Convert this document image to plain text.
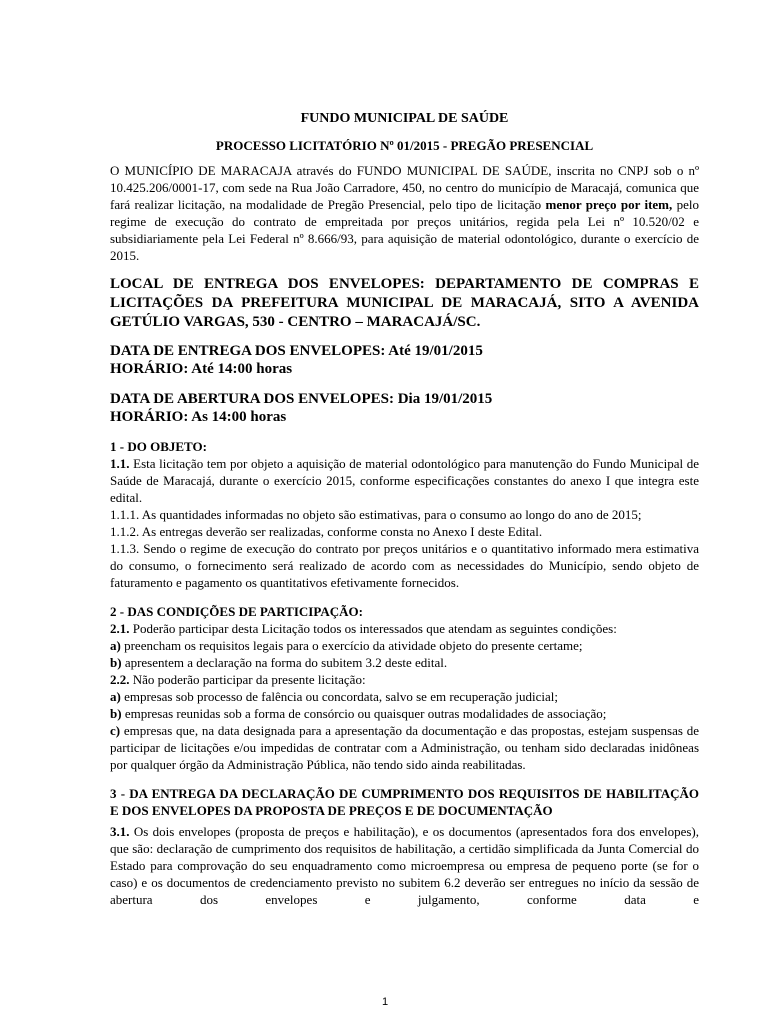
FUNDO MUNICIPAL DE SAÚDE
PROCESSO LICITATÓRIO Nº 01/2015 - PREGÃO PRESENCIAL

O MUNICÍPIO DE MARACAJA através do FUNDO MUNICIPAL DE SAÚDE, inscrita no CNPJ sob o nº 10.425.206/0001-17, com sede na Rua João Carradore, 450, no centro do município de Maracajá, comunica que fará realizar licitação, na modalidade de Pregão Presencial, pelo tipo de licitação menor preço por item, pelo regime de execução do contrato de empreitada por preços unitários, regida pela Lei nº 10.520/02 e subsidiariamente pela Lei Federal nº 8.666/93, para aquisição de material odontológico, durante o exercício de 2015.

LOCAL DE ENTREGA DOS ENVELOPES: DEPARTAMENTO DE COMPRAS E LICITAÇÕES DA PREFEITURA MUNICIPAL DE MARACAJÁ, SITO A AVENIDA GETÚLIO VARGAS, 530 - CENTRO – MARACAJÁ/SC.
DATA DE ENTREGA DOS ENVELOPES: Até 19/01/2015
HORÁRIO: Até 14:00 horas
DATA DE ABERTURA DOS ENVELOPES: Dia 19/01/2015
HORÁRIO: As 14:00 horas
1 - DO OBJETO:

1.1. Esta licitação tem por objeto a aquisição de material odontológico para manutenção do Fundo Municipal de Saúde de Maracajá, durante o exercício 2015, conforme especificações constantes do anexo I que integra este edital.

1.1.1. As quantidades informadas no objeto são estimativas, para o consumo ao longo do ano de 2015;

1.1.2. As entregas deverão ser realizadas, conforme consta no Anexo I deste Edital.

1.1.3. Sendo o regime de execução do contrato por preços unitários e o quantitativo informado mera estimativa do consumo, o fornecimento será realizado de acordo com as necessidades do Município, sendo objeto de faturamento e pagamento os quantitativos efetivamente fornecidos.

2 - DAS CONDIÇÕES DE PARTICIPAÇÃO:

2.1. Poderão participar desta Licitação todos os interessados que atendam as seguintes condições:

a) preencham os requisitos legais para o exercício da atividade objeto do presente certame;

b) apresentem a declaração na forma do subitem 3.2 deste edital.

2.2. Não poderão participar da presente licitação:

a) empresas sob processo de falência ou concordata, salvo se em recuperação judicial;

b) empresas reunidas sob a forma de consórcio ou quaisquer outras modalidades de associação;

c) empresas que, na data designada para a apresentação da documentação e das propostas, estejam suspensas de participar de licitações e/ou impedidas de contratar com a Administração, ou tenham sido declaradas inidôneas por qualquer órgão da Administração Pública, não tendo sido ainda reabilitadas.

3 - DA ENTREGA DA DECLARAÇÃO DE CUMPRIMENTO DOS REQUISITOS DE HABILITAÇÃO E DOS ENVELOPES DA PROPOSTA DE PREÇOS E DE DOCUMENTAÇÃO

3.1. Os dois envelopes (proposta de preços e habilitação), e os documentos (apresentados fora dos envelopes), que são: declaração de cumprimento dos requisitos de habilitação, a certidão simplificada da Junta Comercial do Estado para comprovação do seu enquadramento como microempresa ou empresa de pequeno porte (se for o caso) e os documentos de credenciamento previsto no subitem 6.2 deverão ser entregues no início da sessão de abertura dos envelopes e julgamento, conforme data e

1
